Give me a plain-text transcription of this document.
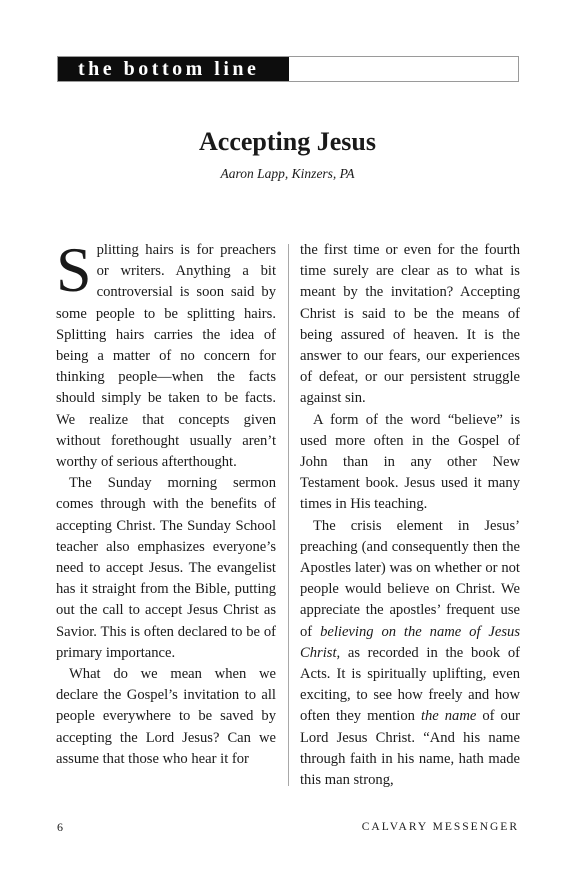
the bottom line
Accepting Jesus
Aaron Lapp, Kinzers, PA

Splitting hairs is for preachers or writers. Anything a bit controversial is soon said by some people to be splitting hairs. Splitting hairs carries the idea of being a matter of no concern for thinking people—when the facts should simply be taken to be facts. We realize that concepts given without forethought usually aren’t worthy of serious afterthought.

The Sunday morning sermon comes through with the benefits of accepting Christ. The Sunday School teacher also emphasizes everyone’s need to accept Jesus. The evangelist has it straight from the Bible, putting out the call to accept Jesus Christ as Savior. This is often declared to be of primary importance.

What do we mean when we declare the Gospel’s invitation to all people everywhere to be saved by accepting the Lord Jesus? Can we assume that those who hear it for

the first time or even for the fourth time surely are clear as to what is meant by the invitation? Accepting Christ is said to be the means of being assured of heaven. It is the answer to our fears, our experiences of defeat, or our persistent struggle against sin.

A form of the word “believe” is used more often in the Gospel of John than in any other New Testament book. Jesus used it many times in His teaching.

The crisis element in Jesus’ preaching (and consequently then the Apostles later) was on whether or not people would believe on Christ. We appreciate the apostles’ frequent use of believing on the name of Jesus Christ, as recorded in the book of Acts. It is spiritually uplifting, even exciting, to see how freely and how often they mention the name of our Lord Jesus Christ. “And his name through faith in his name, hath made this man strong,

6	CALVARY MESSENGER
